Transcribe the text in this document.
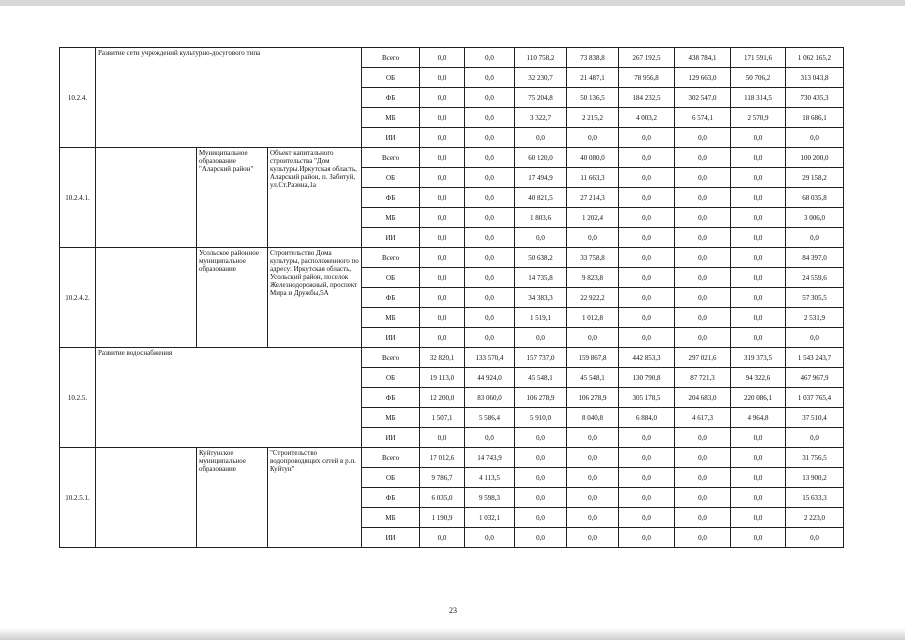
10.2.4.	Развитие сети учреждений культурно-досугового типа			Всего	0,0	0,0	110 758,2	73 838,8	267 192,5	438 784,1	171 591,6	1 062 165,2
				ОБ	0,0	0,0	32 230,7	21 487,1	78 956,8	129 663,0	50 706,2	313 043,8
				ФБ	0,0	0,0	75 204,8	50 136,5	184 232,5	302 547,0	118 314,5	730 435,3
				МБ	0,0	0,0	3 322,7	2 215,2	4 003,2	6 574,1	2 570,9	18 686,1
				ИИ	0,0	0,0	0,0	0,0	0,0	0,0	0,0	0,0
10.2.4.1.		Муниципальное образование "Аларский район"	Объект капитального строительства "Дом культуры.Иркутская область, Аларский район, п. Забитуй, ул.Ст.Разина,1а	Всего	0,0	0,0	60 120,0	40 080,0	0,0	0,0	0,0	100 200,0
				ОБ	0,0	0,0	17 494,9	11 663,3	0,0	0,0	0,0	29 158,2
				ФБ	0,0	0,0	40 821,5	27 214,3	0,0	0,0	0,0	68 035,8
				МБ	0,0	0,0	1 803,6	1 202,4	0,0	0,0	0,0	3 006,0
				ИИ	0,0	0,0	0,0	0,0	0,0	0,0	0,0	0,0
10.2.4.2.		Усольское районное муниципальное образование	Строительство Дома культуры, расположенного по адресу: Иркутская область, Усольский район, поселок Железнодорожный, проспект Мира и Дружбы,5А	Всего	0,0	0,0	50 638,2	33 758,8	0,0	0,0	0,0	84 397,0
				ОБ	0,0	0,0	14 735,8	9 823,8	0,0	0,0	0,0	24 559,6
				ФБ	0,0	0,0	34 383,3	22 922,2	0,0	0,0	0,0	57 305,5
				МБ	0,0	0,0	1 519,1	1 012,8	0,0	0,0	0,0	2 531,9
				ИИ	0,0	0,0	0,0	0,0	0,0	0,0	0,0	0,0
10.2.5.	Развитие водоснабжения			Всего	32 820,1	133 570,4	157 737,0	159 867,8	442 853,3	297 021,6	319 373,5	1 543 243,7
				ОБ	19 113,0	44 924,0	45 548,1	45 548,1	130 790,8	87 721,3	94 322,6	467 967,9
				ФБ	12 200,0	83 060,0	106 278,9	106 278,9	305 178,5	204 683,0	220 086,1	1 037 765,4
				МБ	1 507,1	5 586,4	5 910,0	8 040,8	6 884,0	4 617,3	4 964,8	37 510,4
				ИИ	0,0	0,0	0,0	0,0	0,0	0,0	0,0	0,0
10.2.5.1.		Куйтунское муниципальное образование	"Строительство водопроводящих сетей в р.п. Куйтун"	Всего	17 012,6	14 743,9	0,0	0,0	0,0	0,0	0,0	31 756,5
				ОБ	9 786,7	4 113,5	0,0	0,0	0,0	0,0	0,0	13 900,2
				ФБ	6 035,0	9 598,3	0,0	0,0	0,0	0,0	0,0	15 633,3
				МБ	1 190,9	1 032,1	0,0	0,0	0,0	0,0	0,0	2 223,0
				ИИ	0,0	0,0	0,0	0,0	0,0	0,0	0,0	0,0
23
